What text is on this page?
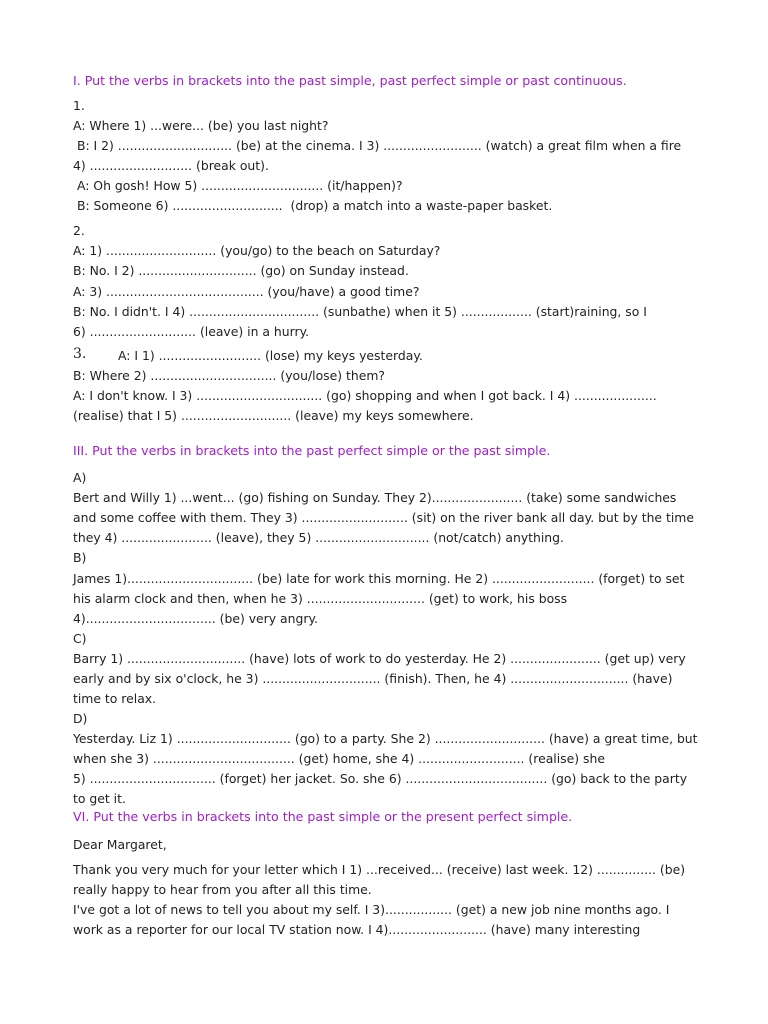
I. Put the verbs in brackets into the past simple, past perfect simple or past continuous.
1.
A: Where 1) ...were... (be) you last night?
B: I 2) ............................. (be) at the cinema. I 3) ......................... (watch) a great film when a fire
4) .......................... (break out).
A: Oh gosh! How 5) ............................... (it/happen)?
B: Someone 6) ............................  (drop) a match into a waste-paper basket.
2.
A: 1) ............................ (you/go) to the beach on Saturday?
B: No. I 2) .............................. (go) on Sunday instead.
A: 3) ........................................ (you/have) a good time?
B: No. I didn't. I 4) ................................. (sunbathe) when it 5) .................. (start)raining, so I
6) ........................... (leave) in a hurry.
3.	A: I 1) .......................... (lose) my keys yesterday.
B: Where 2) ................................ (you/lose) them?
A: I don't know. I 3) ................................ (go) shopping and when I got back. I 4) .....................
(realise) that I 5) ............................ (leave) my keys somewhere.
III. Put the verbs in brackets into the past perfect simple or the past simple.
A)
Bert and Willy 1) ...went... (go) fishing on Sunday. They 2)....................... (take) some sandwiches
and some coffee with them. They 3) ........................... (sit) on the river bank all day. but by the time
they 4) ....................... (leave), they 5) ............................. (not/catch) anything.
B)
James 1)................................ (be) late for work this morning. He 2) .......................... (forget) to set
his alarm clock and then, when he 3) .............................. (get) to work, his boss
4)................................. (be) very angry.
C)
Barry 1) .............................. (have) lots of work to do yesterday. He 2) ....................... (get up) very
early and by six o'clock, he 3) .............................. (finish). Then, he 4) .............................. (have)
time to relax.
D)
Yesterday. Liz 1) ............................. (go) to a party. She 2) ............................ (have) a great time, but
when she 3) .................................... (get) home, she 4) ........................... (realise) she
5) ................................ (forget) her jacket. So. she 6) .................................... (go) back to the party
to get it.
VI. Put the verbs in brackets into the past simple or the present perfect simple.
Dear Margaret,
Thank you very much for your letter which I 1) ...received... (receive) last week. 12) ............... (be)
really happy to hear from you after all this time.
I've got a lot of news to tell you about my self. I 3)................. (get) a new job nine months ago. I
work as a reporter for our local TV station now. I 4)......................... (have) many interesting
